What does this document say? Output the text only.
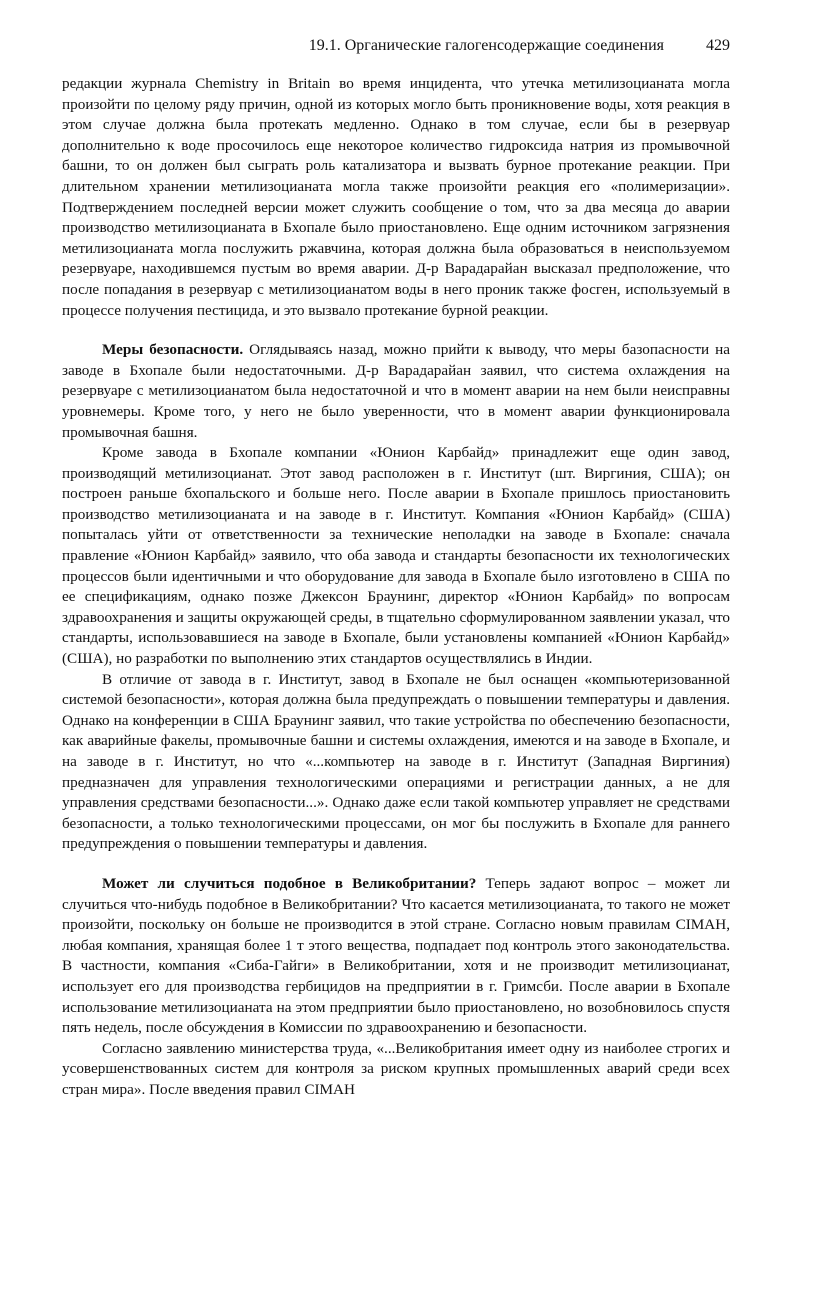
19.1. Органические галогенсодержащие соединения	429

редакции журнала Chemistry in Britain во время инцидента, что утечка метилизоцианата могла произойти по целому ряду причин, одной из которых могло быть проникновение воды, хотя реакция в этом случае должна была протекать медленно. Однако в том случае, если бы в резервуар дополнительно к воде просочилось еще некоторое количество гидроксида натрия из промывочной башни, то он должен был сыграть роль катализатора и вызвать бурное протекание реакции. При длительном хранении метилизоцианата могла также произойти реакция его «полимеризации». Подтверждением последней версии может служить сообщение о том, что за два месяца до аварии производство метилизоцианата в Бхопале было приостановлено. Еще одним источником загрязнения метилизоцианата могла послужить ржавчина, которая должна была образоваться в неиспользуемом резервуаре, находившемся пустым во время аварии. Д-р Варадарайан высказал предположение, что после попадания в резервуар с метилизоцианатом воды в него проник также фосген, используемый в процессе получения пестицида, и это вызвало протекание бурной реакции.

Меры безопасности. Оглядываясь назад, можно прийти к выводу, что меры базопасности на заводе в Бхопале были недостаточными. Д-р Варадарайан заявил, что система охлаждения на резервуаре с метилизоцианатом была недостаточной и что в момент аварии на нем были неисправны уровнемеры. Кроме того, у него не было уверенности, что в момент аварии функционировала промывочная башня.

Кроме завода в Бхопале компании «Юнион Карбайд» принадлежит еще один завод, производящий метилизоцианат. Этот завод расположен в г. Институт (шт. Виргиния, США); он построен раньше бхопальского и больше него. После аварии в Бхопале пришлось приостановить производство метилизоцианата и на заводе в г. Институт. Компания «Юнион Карбайд» (США) попыталась уйти от ответственности за технические неполадки на заводе в Бхопале: сначала правление «Юнион Карбайд» заявило, что оба завода и стандарты безопасности их технологических процессов были идентичными и что оборудование для завода в Бхопале было изготовлено в США по ее спецификациям, однако позже Джексон Браунинг, директор «Юнион Карбайд» по вопросам здравоохранения и защиты окружающей среды, в тщательно сформулированном заявлении указал, что стандарты, использовавшиеся на заводе в Бхопале, были установлены компанией «Юнион Карбайд» (США), но разработки по выполнению этих стандартов осуществлялись в Индии.

В отличие от завода в г. Институт, завод в Бхопале не был оснащен «компьютеризованной системой безопасности», которая должна была предупреждать о повышении температуры и давления. Однако на конференции в США Браунинг заявил, что такие устройства по обеспечению безопасности, как аварийные факелы, промывочные башни и системы охлаждения, имеются и на заводе в Бхопале, и на заводе в г. Институт, но что «...компьютер на заводе в г. Институт (Западная Виргиния) предназначен для управления технологическими операциями и регистрации данных, а не для управления средствами безопасности...». Однако даже если такой компьютер управляет не средствами безопасности, а только технологическими процессами, он мог бы послужить в Бхопале для раннего предупреждения о повышении температуры и давления.

Может ли случиться подобное в Великобритании? Теперь задают вопрос – может ли случиться что-нибудь подобное в Великобритании? Что касается метилизоцианата, то такого не может произойти, поскольку он больше не производится в этой стране. Согласно новым правилам CIMAH, любая компания, хранящая более 1 т этого вещества, подпадает под контроль этого законодательства. В частности, компания «Сиба-Гайги» в Великобритании, хотя и не производит метилизоцианат, использует его для производства гербицидов на предприятии в г. Гримсби. После аварии в Бхопале использование метилизоцианата на этом предприятии было приостановлено, но возобновилось спустя пять недель, после обсуждения в Комиссии по здравоохранению и безопасности.

Согласно заявлению министерства труда, «...Великобритания имеет одну из наиболее строгих и усовершенствованных систем для контроля за риском крупных промышленных аварий среди всех стран мира». После введения правил CIMAH
